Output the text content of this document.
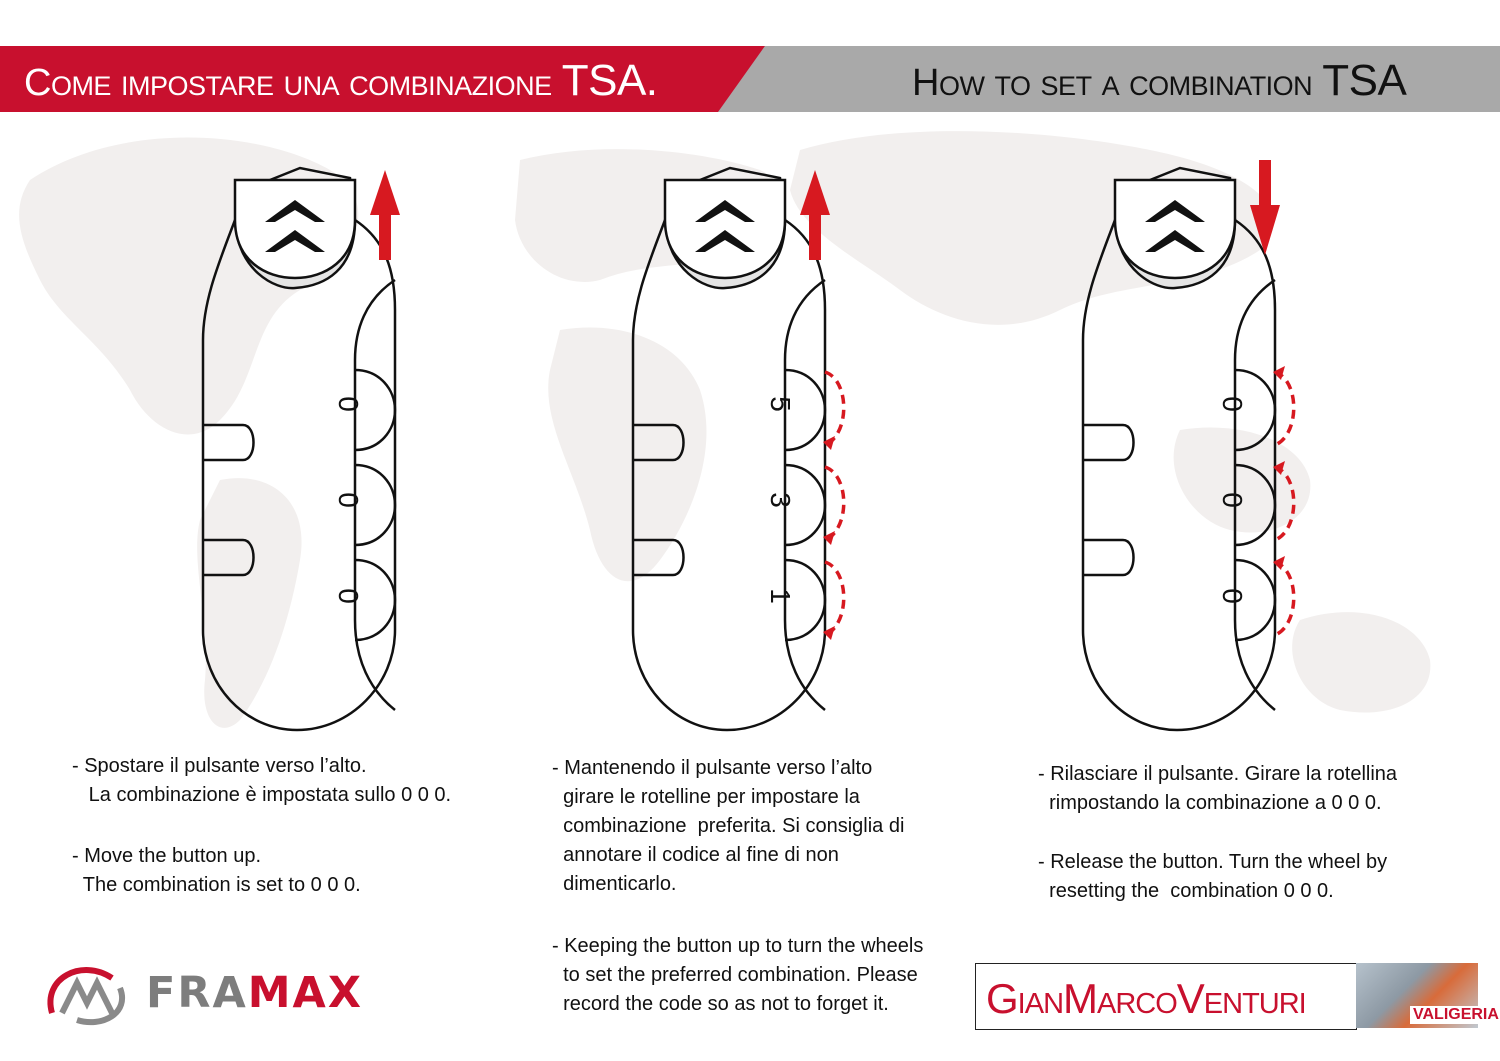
Come impostare una combinazione TSA.	How to set a combination TSA
0
0
0
5
3
1
0
0
0
- Spostare il pulsante verso l’alto.
La combinazione è impostata sullo 0 0 0.
- Move the button up.
The combination is set to 0 0 0.
- Mantenendo il pulsante verso l’alto
girare le rotelline per impostare la
combinazione  preferita. Si consiglia di
annotare il codice al fine di non
dimenticarlo.
- Keeping the button up to turn the wheels
to set the preferred combination. Please
record the code so as not to forget it.
- Rilasciare il pulsante. Girare la rotellina
rimpostando la combinazione a 0 0 0.
- Release the button. Turn the wheel by
resetting the  combination 0 0 0.
FRAMAX	GianMarcoVenturi	VALIGERIA
